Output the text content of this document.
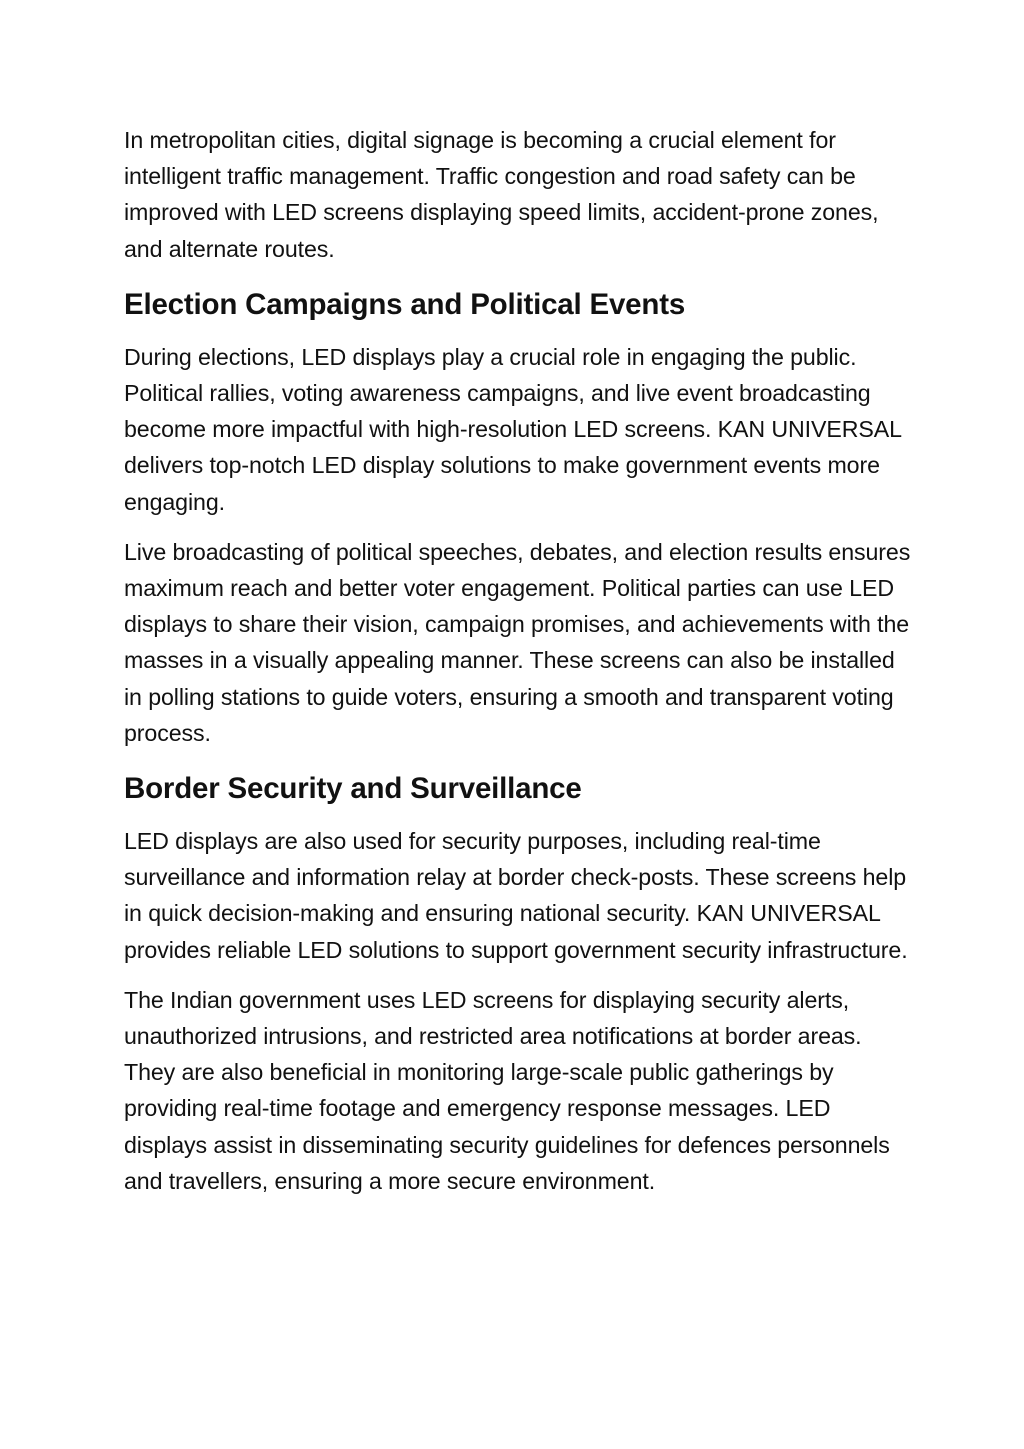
In metropolitan cities, digital signage is becoming a crucial element for intelligent traffic management. Traffic congestion and road safety can be improved with LED screens displaying speed limits, accident-prone zones, and alternate routes.

Election Campaigns and Political Events

During elections, LED displays play a crucial role in engaging the public. Political rallies, voting awareness campaigns, and live event broadcasting become more impactful with high-resolution LED screens. KAN UNIVERSAL delivers top-notch LED display solutions to make government events more engaging.

Live broadcasting of political speeches, debates, and election results ensures maximum reach and better voter engagement. Political parties can use LED displays to share their vision, campaign promises, and achievements with the masses in a visually appealing manner. These screens can also be installed in polling stations to guide voters, ensuring a smooth and transparent voting process.

Border Security and Surveillance

LED displays are also used for security purposes, including real-time surveillance and information relay at border check-posts. These screens help in quick decision-making and ensuring national security. KAN UNIVERSAL provides reliable LED solutions to support government security infrastructure.

The Indian government uses LED screens for displaying security alerts, unauthorized intrusions, and restricted area notifications at border areas. They are also beneficial in monitoring large-scale public gatherings by providing real-time footage and emergency response messages. LED displays assist in disseminating security guidelines for defences personnels and travellers, ensuring a more secure environment.
